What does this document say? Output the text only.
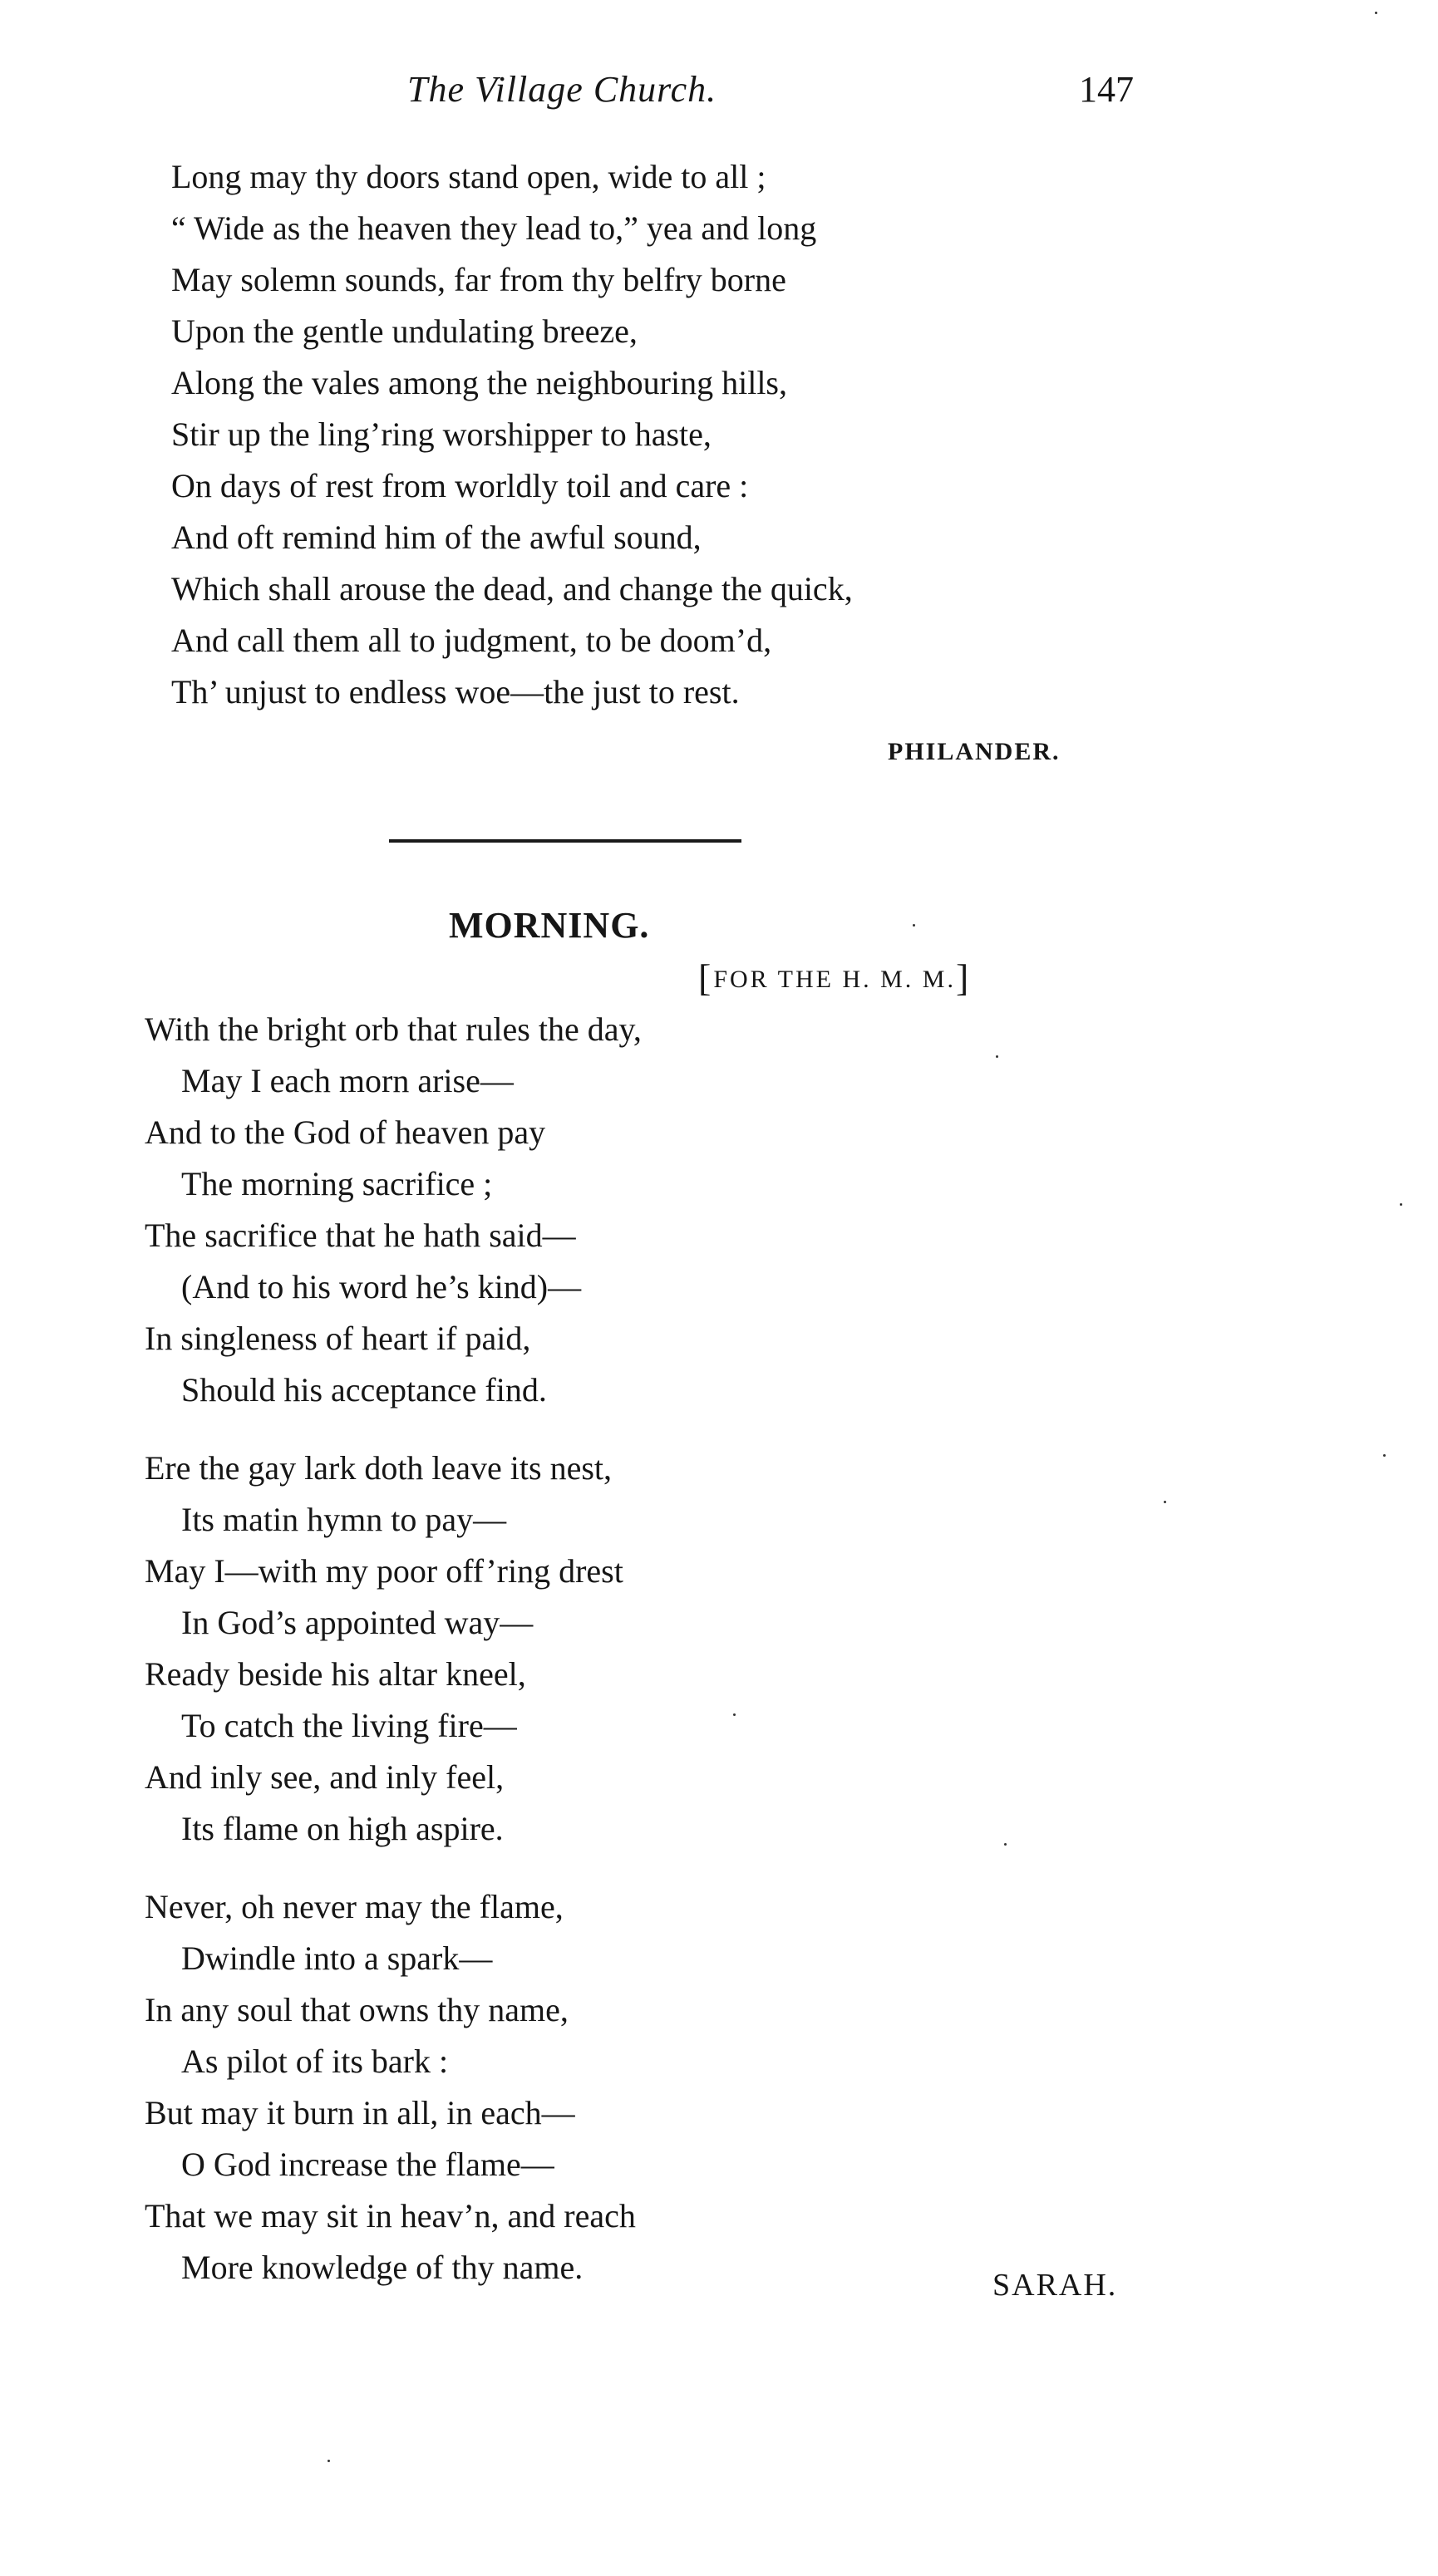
The Village Church.	147
Long may thy doors stand open, wide to all ;
“ Wide as the heaven they lead to,” yea and long
May solemn sounds, far from thy belfry borne
Upon the gentle undulating breeze,
Along the vales among the neighbouring hills,
Stir up the ling’ring worshipper to haste,
On days of rest from worldly toil and care :
And oft remind him of the awful sound,
Which shall arouse the dead, and change the quick,
And call them all to judgment, to be doom’d,
Th’ unjust to endless woe—the just to rest.
PHILANDER.
MORNING.
[FOR THE H. M. M.]
With the bright orb that rules the day,
May I each morn arise—
And to the God of heaven pay
The morning sacrifice ;
The sacrifice that he hath said—
(And to his word he’s kind)—
In singleness of heart if paid,
Should his acceptance find.
Ere the gay lark doth leave its nest,
Its matin hymn to pay—
May I—with my poor off’ring drest
In God’s appointed way—
Ready beside his altar kneel,
To catch the living fire—
And inly see, and inly feel,
Its flame on high aspire.
Never, oh never may the flame,
Dwindle into a spark—
In any soul that owns thy name,
As pilot of its bark :
But may it burn in all, in each—
O God increase the flame—
That we may sit in heav’n, and reach
More knowledge of thy name.	SARAH.
